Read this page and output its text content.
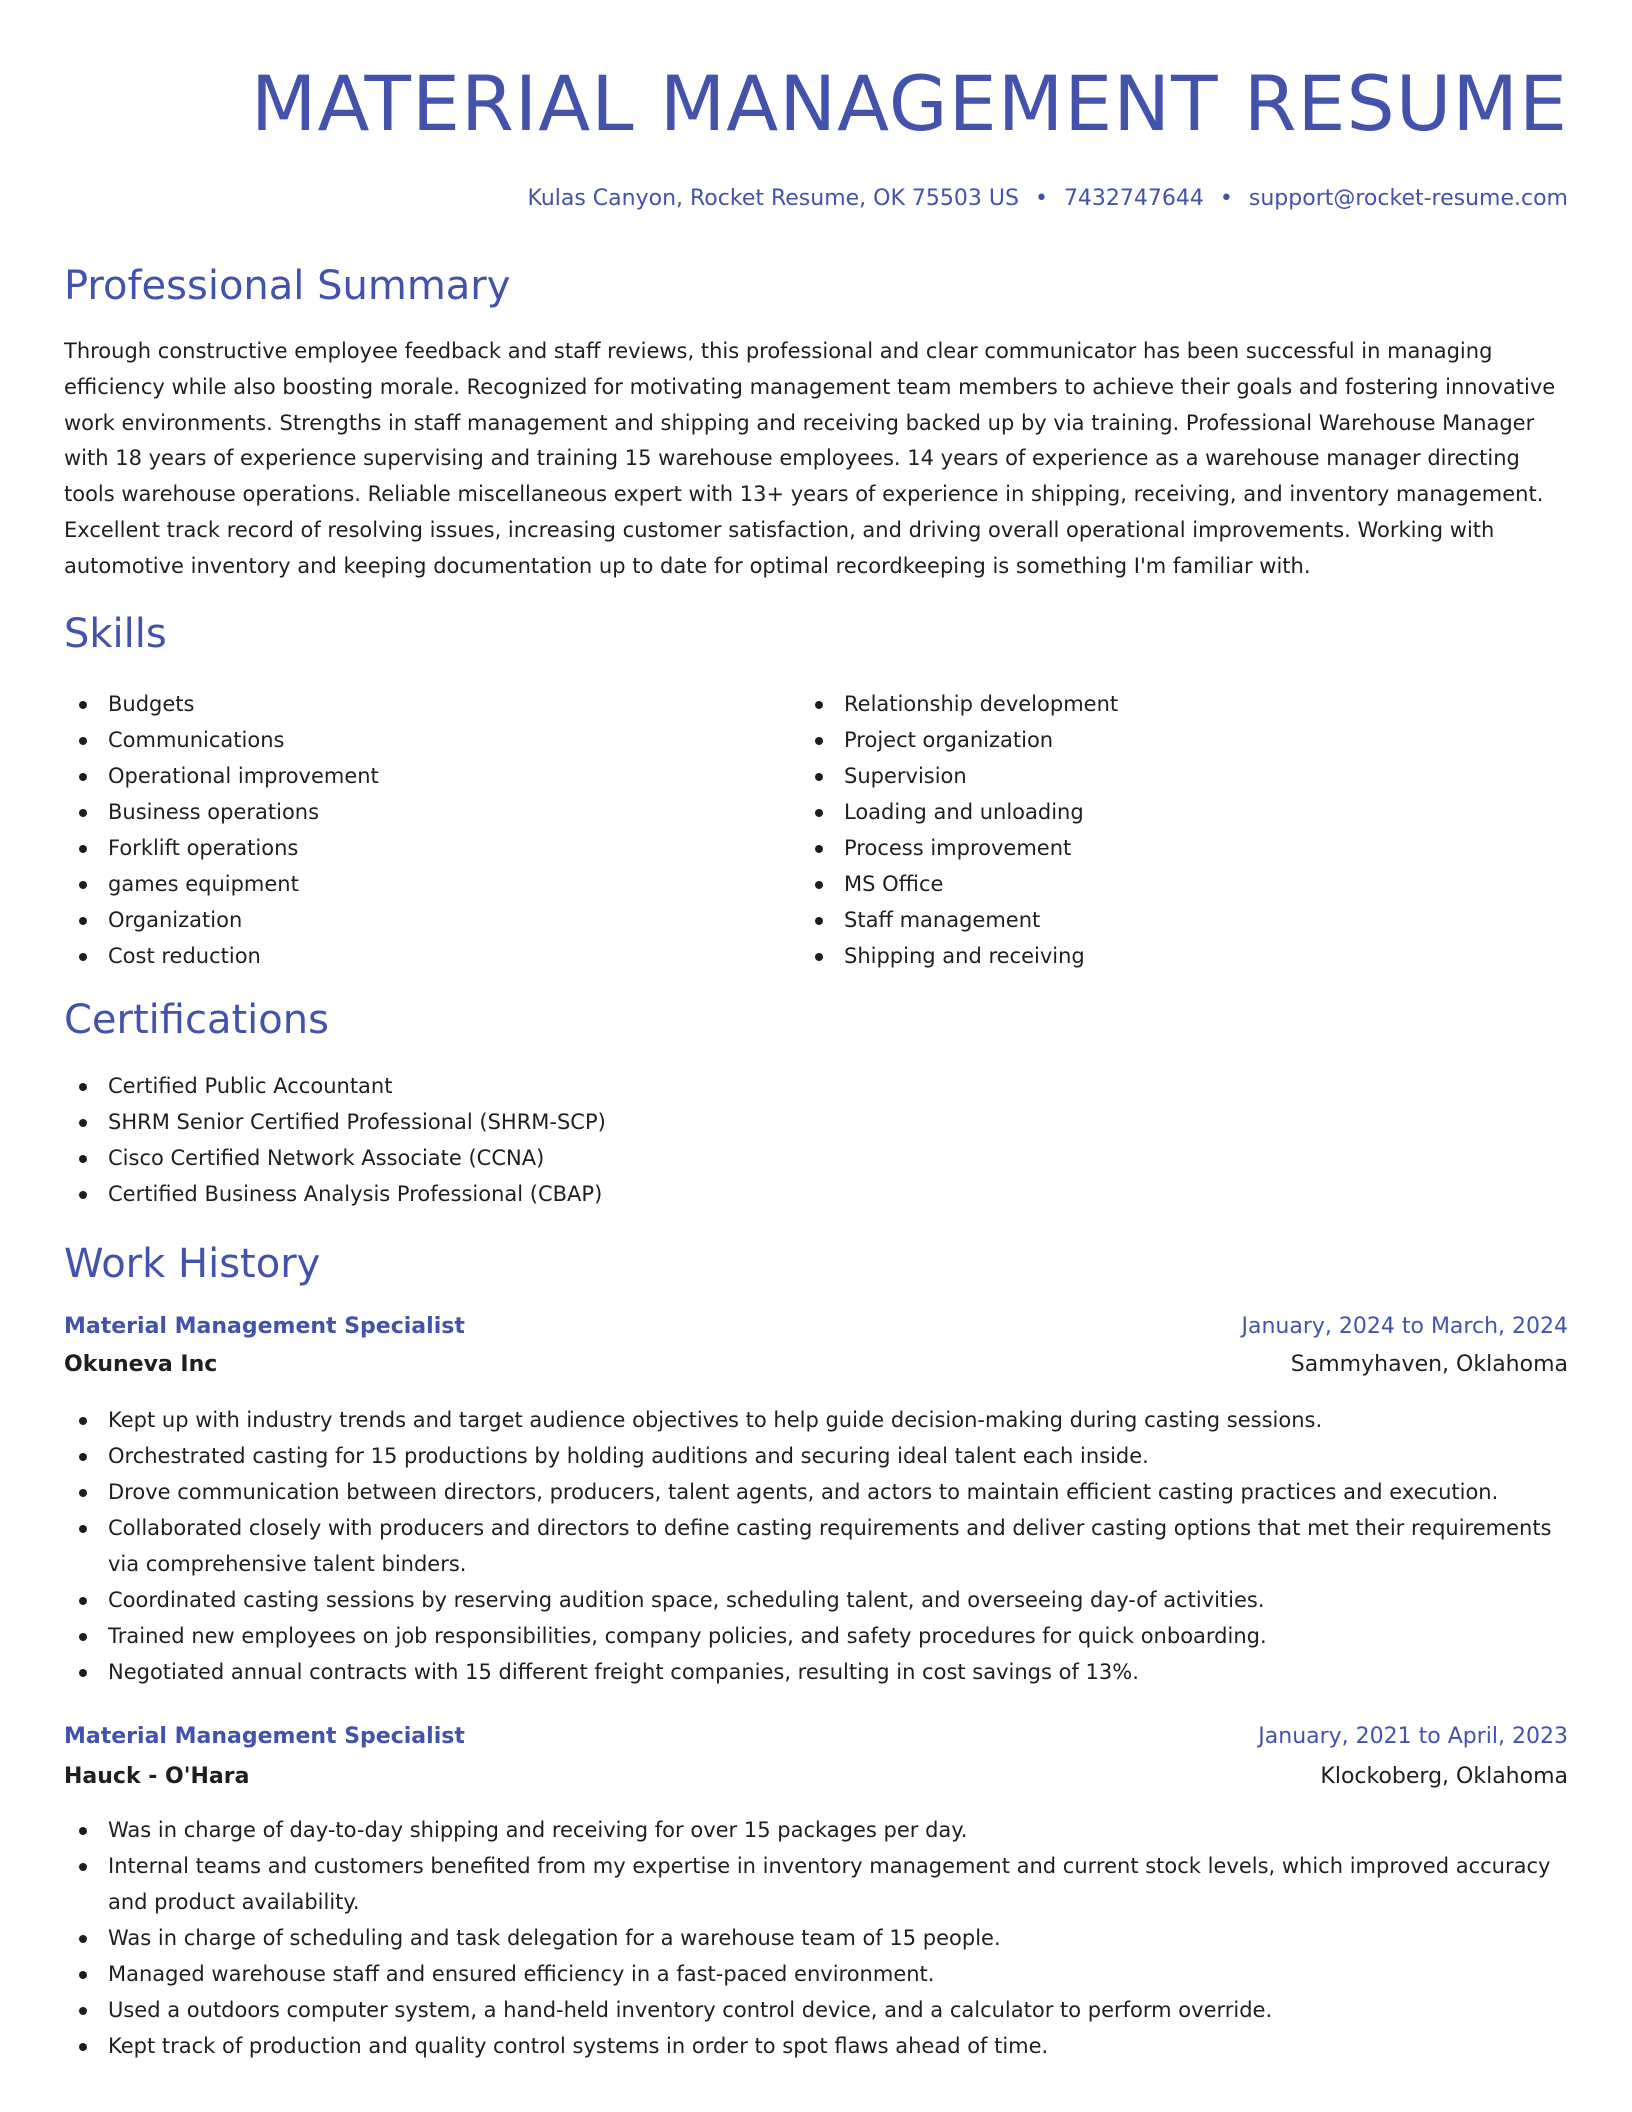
MATERIAL MANAGEMENT RESUME
Kulas Canyon, Rocket Resume, OK 75503 US • 7432747644 • support@rocket-resume.com
Professional Summary

Through constructive employee feedback and staff reviews, this professional and clear communicator has been successful in managing efficiency while also boosting morale. Recognized for motivating management team members to achieve their goals and fostering innovative work environments. Strengths in staff management and shipping and receiving backed up by via training. Professional Warehouse Manager with 18 years of experience supervising and training 15 warehouse employees. 14 years of experience as a warehouse manager directing tools warehouse operations. Reliable miscellaneous expert with 13+ years of experience in shipping, receiving, and inventory management. Excellent track record of resolving issues, increasing customer satisfaction, and driving overall operational improvements. Working with automotive inventory and keeping documentation up to date for optimal recordkeeping is something I'm familiar with.

Skills
Budgets
Communications
Operational improvement
Business operations
Forklift operations
games equipment
Organization
Cost reduction
Relationship development
Project organization
Supervision
Loading and unloading
Process improvement
MS Office
Staff management
Shipping and receiving
Certifications
Certified Public Accountant
SHRM Senior Certified Professional (SHRM-SCP)
Cisco Certified Network Associate (CCNA)
Certified Business Analysis Professional (CBAP)
Work History
Material Management Specialist	January, 2024 to March, 2024
Okuneva Inc	Sammyhaven, Oklahoma
Kept up with industry trends and target audience objectives to help guide decision-making during casting sessions.
Orchestrated casting for 15 productions by holding auditions and securing ideal talent each inside.
Drove communication between directors, producers, talent agents, and actors to maintain efficient casting practices and execution.
Collaborated closely with producers and directors to define casting requirements and deliver casting options that met their requirements via comprehensive talent binders.
Coordinated casting sessions by reserving audition space, scheduling talent, and overseeing day-of activities.
Trained new employees on job responsibilities, company policies, and safety procedures for quick onboarding.
Negotiated annual contracts with 15 different freight companies, resulting in cost savings of 13%.
Material Management Specialist	January, 2021 to April, 2023
Hauck - O'Hara	Klockoberg, Oklahoma
Was in charge of day-to-day shipping and receiving for over 15 packages per day.
Internal teams and customers benefited from my expertise in inventory management and current stock levels, which improved accuracy and product availability.
Was in charge of scheduling and task delegation for a warehouse team of 15 people.
Managed warehouse staff and ensured efficiency in a fast-paced environment.
Used a outdoors computer system, a hand-held inventory control device, and a calculator to perform override.
Kept track of production and quality control systems in order to spot flaws ahead of time.
